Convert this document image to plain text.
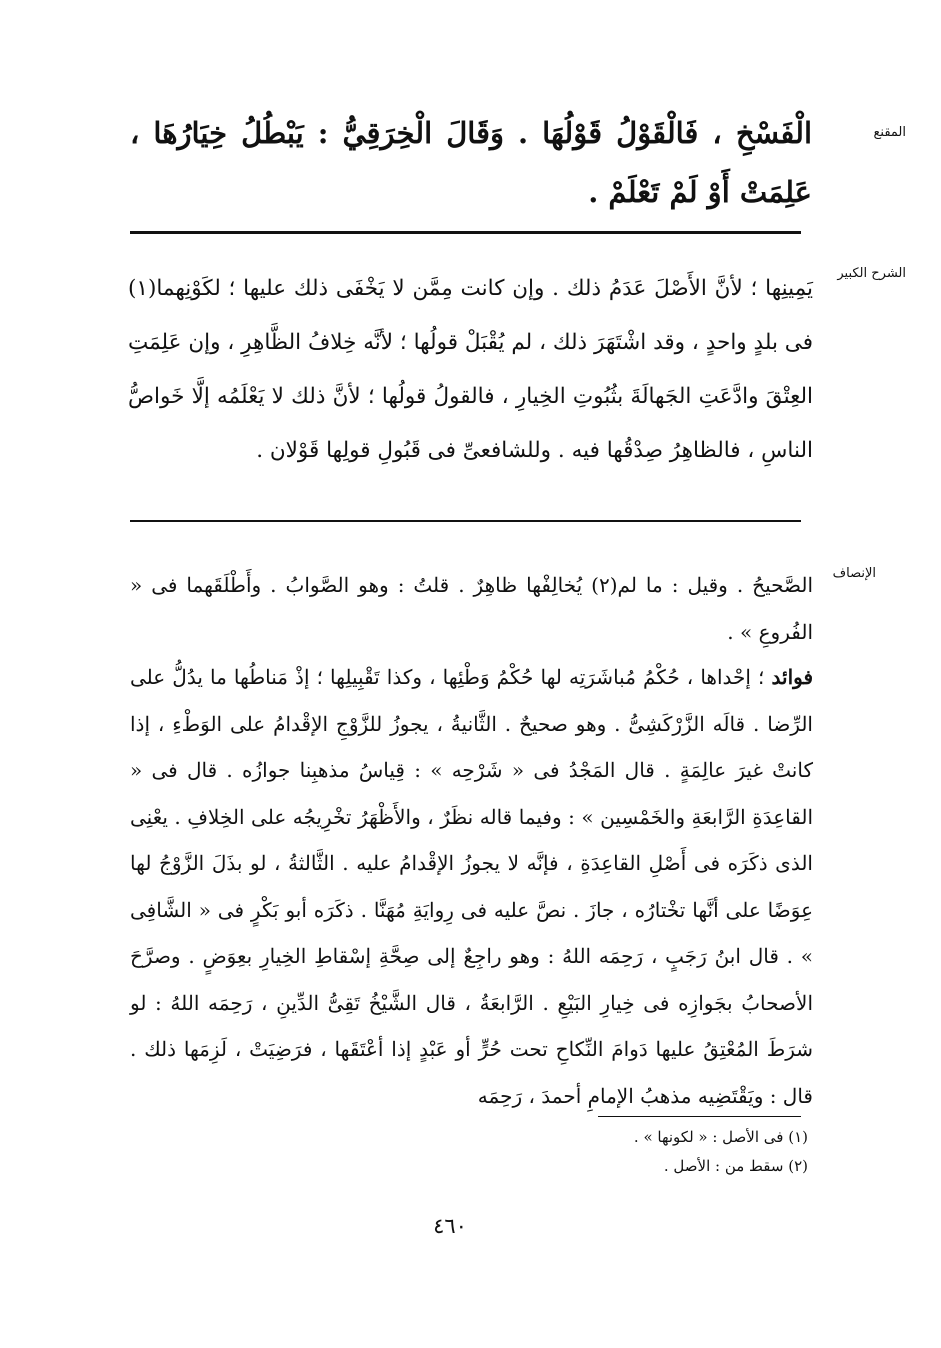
المقنع

الْفَسْخِ ، فَالْقَوْلُ قَوْلُهَا . وَقَالَ الْخِرَقِيُّ : يَبْطُلُ خِيَارُهَا ، عَلِمَتْ أَوْ لَمْ تَعْلَمْ .

الشرح الكبير

يَمِينِها ؛ لأنَّ الأَصْلَ عَدَمُ ذلك . وإن كانت مِمَّن لا يَخْفَى ذلك عليها ؛ لكَوْنِهما(١) فى بلدٍ واحدٍ ، وقد اشْتَهَرَ ذلك ، لم يُقْبَلْ قولُها ؛ لأنَّه خِلافُ الظَّاهِرِ ، وإن عَلِمَتِ العِتْقَ وادَّعَتِ الجَهالَةَ بثُبُوتِ الخِيارِ ، فالقولُ قولُها ؛ لأنَّ ذلك لا يَعْلَمُه إلَّا خَواصُّ الناسِ ، فالظاهِرُ صِدْقُها فيه . وللشافعىِّ فى قَبُولِ قولِها قَوْلان .

الإنصاف

الصَّحيحُ . وقيل : ما لم(٢) يُخالِفْها ظاهِرٌ . قلتُ : وهو الصَّوابُ . وأَطْلَقَهما فى « الفُروعِ » .

فوائد ؛ إحْداها ، حُكْمُ مُباشَرَتِه لها حُكْمُ وَطْئِها ، وكذا تَقْبِيلِها ؛ إذْ مَناطُها ما يدُلُّ على الرِّضا . قالَه الزَّرْكَشِىُّ . وهو صحيحٌ . الثَّانيةُ ، يجوزُ للزَّوْجِ الإقْدامُ على الوَطْءِ ، إذا كانتْ غيرَ عالِمَةٍ . قال المَجْدُ فى « شَرْحِه » : قِياسُ مذهبِنا جوازُه . قال فى « القاعِدَةِ الرَّابعَةِ والخَمْسِين » : وفيما قاله نظَرٌ ، والأَظْهَرُ تخْرِيجُه على الخِلافِ . يعْنِى الذى ذكَرَه فى أَصْلِ القاعِدَةِ ، فإنَّه لا يجوزُ الإقْدامُ عليه . الثَّالثةُ ، لو بذَلَ الزَّوْجُ لها عِوَضًا على أنَّها تخْتارُه ، جازَ . نصَّ عليه فى رِوايَةِ مُهَنَّا . ذكَرَه أبو بَكْرٍ فى « الشَّافِى » . قال ابنُ رَجَبٍ ، رَحِمَه اللهُ : وهو راجِعٌ إلى صِحَّةِ إسْقاطِ الخِيارِ بعِوَضٍ . وصرَّحَ الأصحابُ بجَوازِه فى خِيارِ البَيْعِ . الرَّابعَةُ ، قال الشَّيْخُ تَقِىُّ الدِّينِ ، رَحِمَه اللهُ : لو شرَطَ المُعْتِقُ عليها دَوامَ النِّكاحِ تحت حُرٍّ أو عَبْدٍ إذا أعْتَقَها ، فرَضِيَتْ ، لَزِمَها ذلك . قال : ويَقْتَضِيه مذهبُ الإمامِ أحمدَ ، رَحِمَه

(١) فى الأصل : « لكونها » .
(٢) سقط من : الأصل .
٤٦٠
